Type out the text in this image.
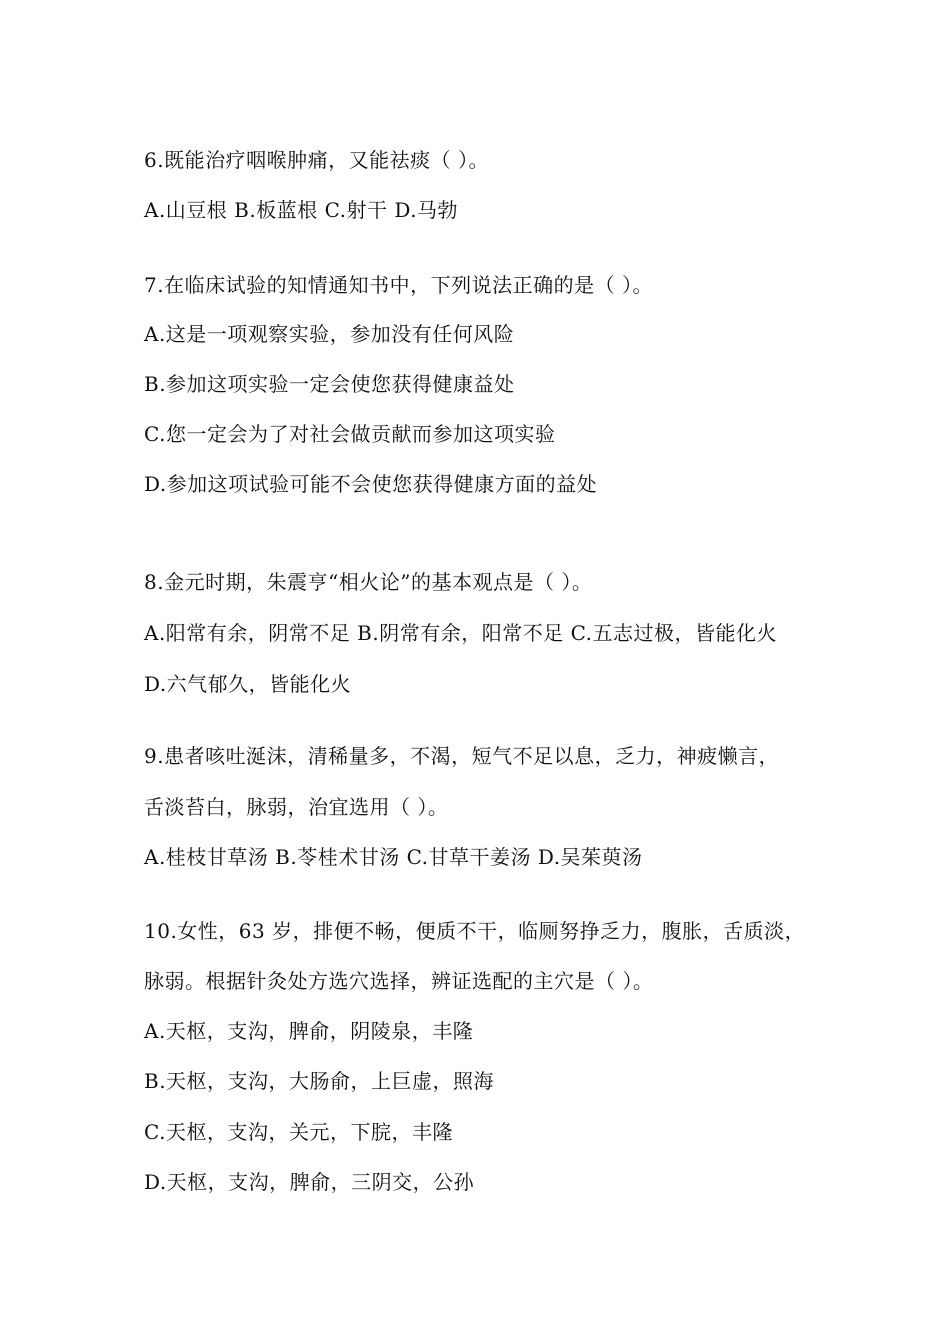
6.既能治疗咽喉肿痛，又能祛痰（ ）。
A.山豆根 B.板蓝根 C.射干 D.马勃
7.在临床试验的知情通知书中，下列说法正确的是（ ）。
A.这是一项观察实验，参加没有任何风险
B.参加这项实验一定会使您获得健康益处
C.您一定会为了对社会做贡献而参加这项实验
D.参加这项试验可能不会使您获得健康方面的益处
8.金元时期，朱震亨“相火论”的基本观点是（ ）。
A.阳常有余，阴常不足 B.阴常有余，阳常不足 C.五志过极，皆能化火
D.六气郁久，皆能化火
9.患者咳吐涎沫，清稀量多，不渴，短气不足以息，乏力，神疲懒言，
舌淡苔白，脉弱，治宜选用（ ）。
A.桂枝甘草汤 B.苓桂术甘汤 C.甘草干姜汤 D.吴茱萸汤
10.女性，63 岁，排便不畅，便质不干，临厕努挣乏力，腹胀，舌质淡，
脉弱。根据针灸处方选穴选择，辨证选配的主穴是（ ）。
A.天枢，支沟，脾俞，阴陵泉，丰隆
B.天枢，支沟，大肠俞，上巨虚，照海
C.天枢，支沟，关元，下脘，丰隆
D.天枢，支沟，脾俞，三阴交，公孙
